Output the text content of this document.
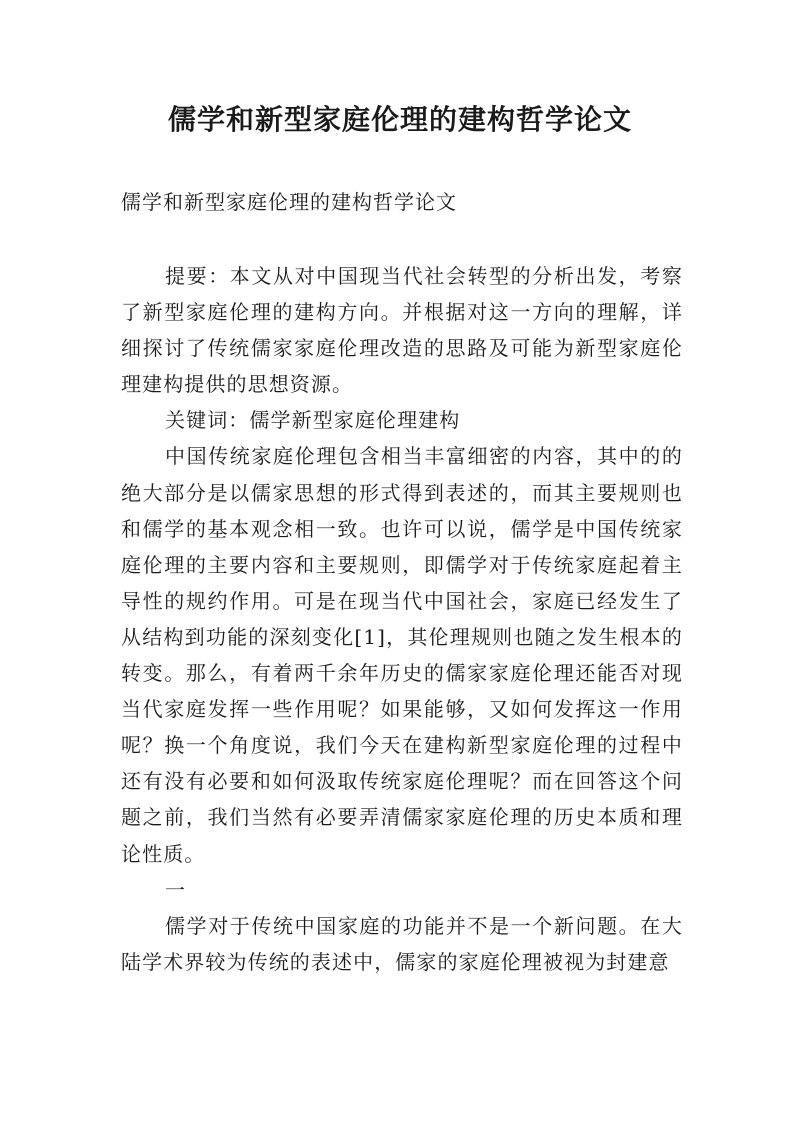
儒学和新型家庭伦理的建构哲学论文
儒学和新型家庭伦理的建构哲学论文

提要：本文从对中国现当代社会转型的分析出发，考察了新型家庭伦理的建构方向。并根据对这一方向的理解，详细探讨了传统儒家家庭伦理改造的思路及可能为新型家庭伦理建构提供的思想资源。

关键词：儒学新型家庭伦理建构

中国传统家庭伦理包含相当丰富细密的内容，其中的的绝大部分是以儒家思想的形式得到表述的，而其主要规则也和儒学的基本观念相一致。也许可以说，儒学是中国传统家庭伦理的主要内容和主要规则，即儒学对于传统家庭起着主导性的规约作用。可是在现当代中国社会，家庭已经发生了从结构到功能的深刻变化[1]，其伦理规则也随之发生根本的转变。那么，有着两千余年历史的儒家家庭伦理还能否对现当代家庭发挥一些作用呢？如果能够，又如何发挥这一作用呢？换一个角度说，我们今天在建构新型家庭伦理的过程中还有没有必要和如何汲取传统家庭伦理呢？而在回答这个问题之前，我们当然有必要弄清儒家家庭伦理的历史本质和理论性质。

一

儒学对于传统中国家庭的功能并不是一个新问题。在大陆学术界较为传统的表述中，儒家的家庭伦理被视为封建意
